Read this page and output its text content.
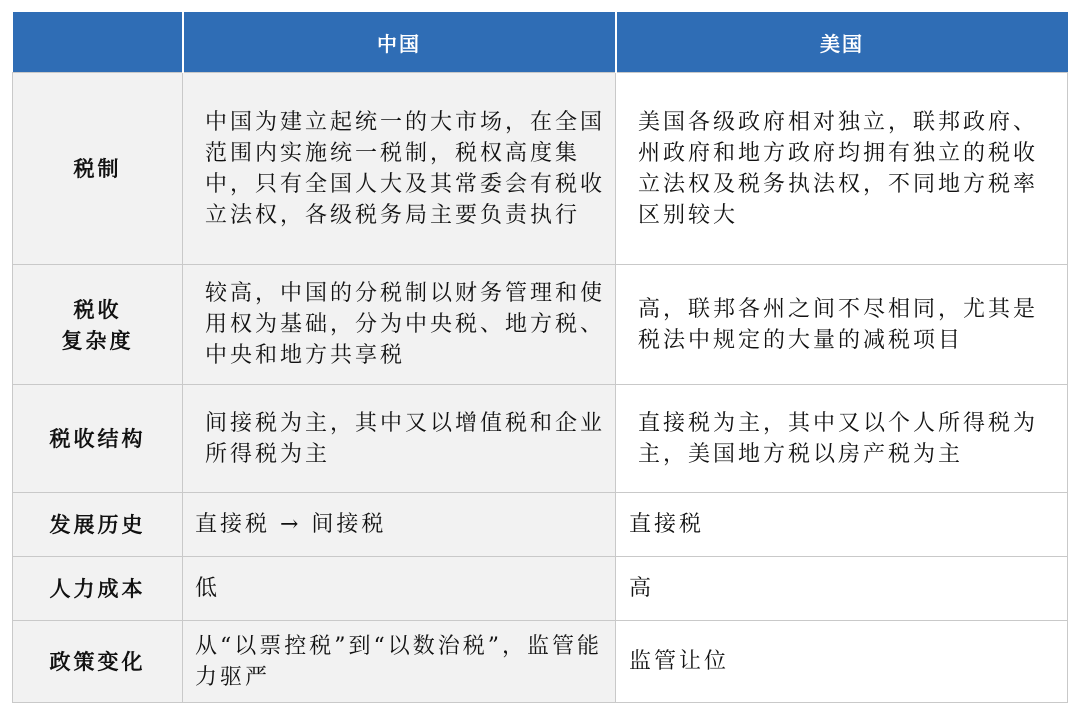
	中国	美国
税制	中国为建立起统一的大市场，在全国范围内实施统一税制，税权高度集中，只有全国人大及其常委会有税收立法权，各级税务局主要负责执行	美国各级政府相对独立，联邦政府、州政府和地方政府均拥有独立的税收立法权及税务执法权，不同地方税率区别较大
税收
复杂度	较高，中国的分税制以财务管理和使用权为基础，分为中央税、地方税、中央和地方共享税	高，联邦各州之间不尽相同，尤其是税法中规定的大量的减税项目
税收结构	间接税为主，其中又以增值税和企业所得税为主	直接税为主，其中又以个人所得税为主，美国地方税以房产税为主
发展历史	直接税 → 间接税	直接税
人力成本	低	高
政策变化	从“以票控税”到“以数治税”，监管能力驱严	监管让位
